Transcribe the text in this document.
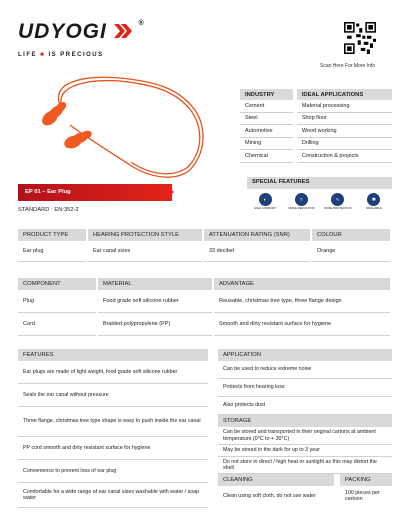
UDYOGI	®
LIFE ■ IS PRECIOUS
Scan Here For More Info
INDUSTRY	IDEAL APPLICATIONS
Cement	Material processing
Steel	Shop floor
Automotive	Wood working
Mining	Drilling
Chemical	Construction & projects
SPECIAL FEATURES
◐
HIGH COMFORT
≈
NOISE REDUCTION
∿
NOISE PROTECTION
✱
WASHABLE
EP 01 – Ear Plug
STANDARD : EN:352-2
PRODUCT TYPE	HEARING PROTECTION STYLE	ATTENUATION RATING (SNR)	COLOUR
Ear plug	Ear canal sizes	33 decibel	Orange
COMPONENT	MATERIAL	ADVANTAGE
Plug	Food grade soft silicone rubber	Reusable, christmas tree type, three flange design
Cord	Braided polypropylene (PP)	Smooth and dirty resistant surface for hygiene
FEATURES
Ear plugs are made of light weight, food grade soft silicone rubber
Seals the ear canal without pressure
Three flange, christmas tree type shape is easy to push inside the ear canal
PP cord smooth and dirty resistant surface for hygiene
Convenience to prevent loss of ear plug
Comfortable for a wide range of ear canal sizes washable with water / soap water
APPLICATION
Can be used to reduce extreme noise
Protects from hearing loss
Also protects dust
STORAGE
Can be stored and transported in their original cartons at ambient temperature (0°C to + 30°C)
May be stored in the dark for up to 3 year
Do not store in direct / high heat or sunlight as this may distort the shell
CLEANING	PACKING
Clean using soft cloth, do not use water	100 pieces per cartoon
